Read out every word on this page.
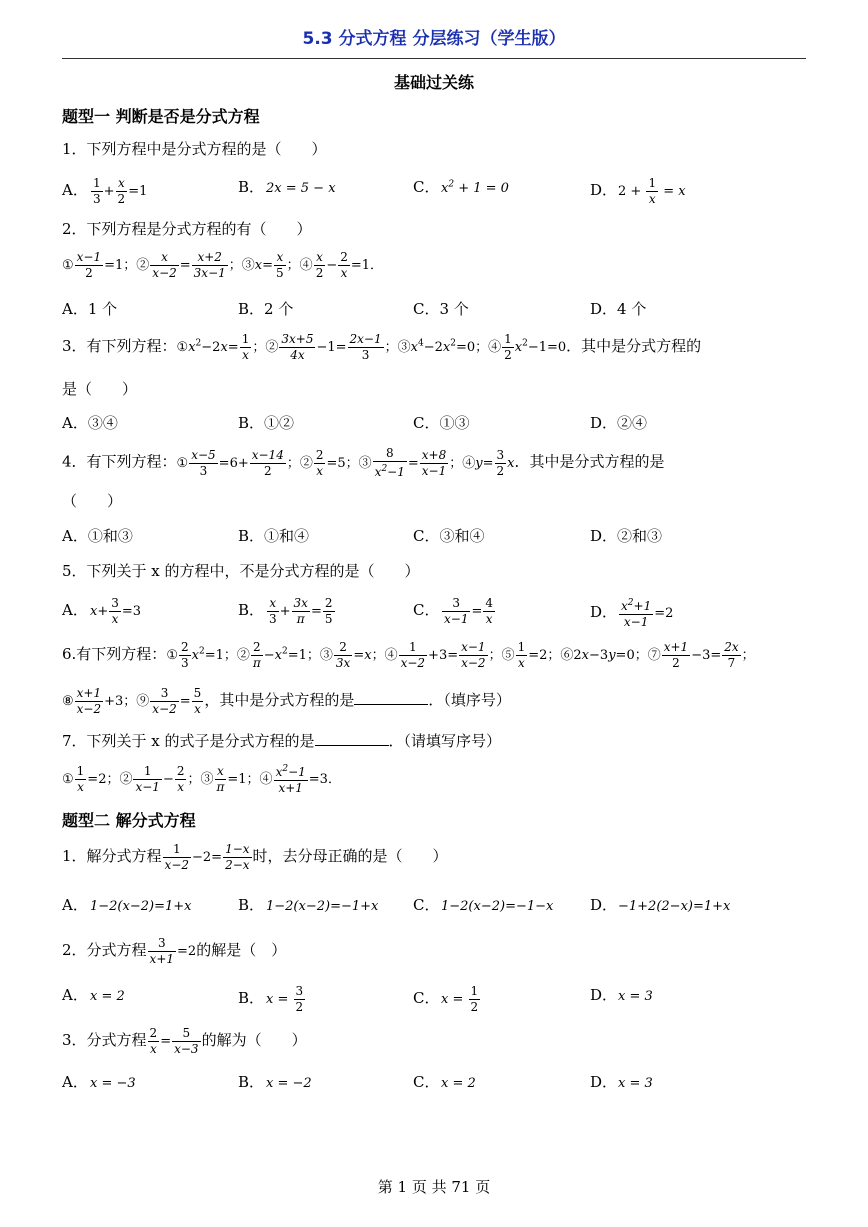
5.3 分式方程 分层练习（学生版）
基础过关练
题型一 判断是否是分式方程
1．下列方程中是分式方程的是（　　）
A． $\frac{1}{3} + \frac{x}{2} =1$	B． 2x = 5 − x	C． $x^2 + 1 = 0$	D．$2 + \frac{1}{x} = x$
2．下列方程是分式方程的有（　　）
① $\frac{x-1}{2} =1$；② $\frac{x}{x-2} = \frac{x+2}{3x-1}$ ；③x= $\frac{x}{5}$ ；④ $\frac{x}{2} - \frac{2}{x} =1$．
A．1 个	B．2 个	C．3 个	D．4 个
3．有下列方程：$①x^2-2x= \frac{1}{x}$ ；② $\frac{3x+5}{4x} -1= \frac{2x-1}{3}$ ；$③x^4-2x^2=0$；④ $\frac{1}{2} x^2-1=0$．其中是分式方程的
是（　　）
A．③④	B．①②	C．①③	D．②④
4．有下列方程：① $\frac{x-5}{3} =6+ \frac{x-14}{2}$ ；② $\frac{2}{x} =5$；③ $\frac{8}{x^2-1} = \frac{x+8}{x-1}$ ；④y= $\frac{3}{2}$ x．其中是分式方程的是
（　　）
A．①和③	B．①和④	C．③和④	D．②和③
5．下列关于 x 的方程中，不是分式方程的是（　　）
A． $x+ \frac{3}{x} =3$	B． $\frac{x}{3} + \frac{3x}{\pi} = \frac{2}{5}$	C． $\frac{3}{x-1} = \frac{4}{x}$	D． $\frac{x^2+1}{x-1} =2$
6.有下列方程：① $\frac{2}{3} x^2=1$；② $\frac{2}{\pi} -x^2=1$；③ $\frac{2}{3x} =x$；④ $\frac{1}{x-2} +3= \frac{x-1}{x-2}$ ；⑤ $\frac{1}{x} =2$；⑥2x−3y=0；⑦ $\frac{x+1}{2} -3= \frac{2x}{7}$ ；
⑧ $\frac{x+1}{x-2} +3$；⑨ $\frac{3}{x-2} = \frac{5}{x}$ ，其中是分式方程的是	．（填序号）
7．下列关于 x 的式子是分式方程的是	．（请填写序号）
① $\frac{1}{x} =2$；② $\frac{1}{x-1} - \frac{2}{x}$ ；③ $\frac{x}{\pi} =1$；④ $\frac{x^2-1}{x+1} =3$．
题型二 解分式方程
1．解分式方程 $\frac{1}{x-2} -2= \frac{1-x}{2-x}$ 时，去分母正确的是（　　）
A． 1−2(x−2)=1+x	B． 1−2(x−2)=−1+x C． 1−2(x−2)=−1−x D．−1+2(2−x)=1+x
2．分式方程 $\frac{3}{x+1} =2$的解是（　）
A． x = 2	B． $x = \frac{3}{2}$	C． $x = \frac{1}{2}$	D．x = 3
3．分式方程 $\frac{2}{x} = \frac{5}{x-3}$ 的解为（　　）
A． x = −3	B． x = −2	C． x = 2	D．x = 3
第 1 页 共 71 页
